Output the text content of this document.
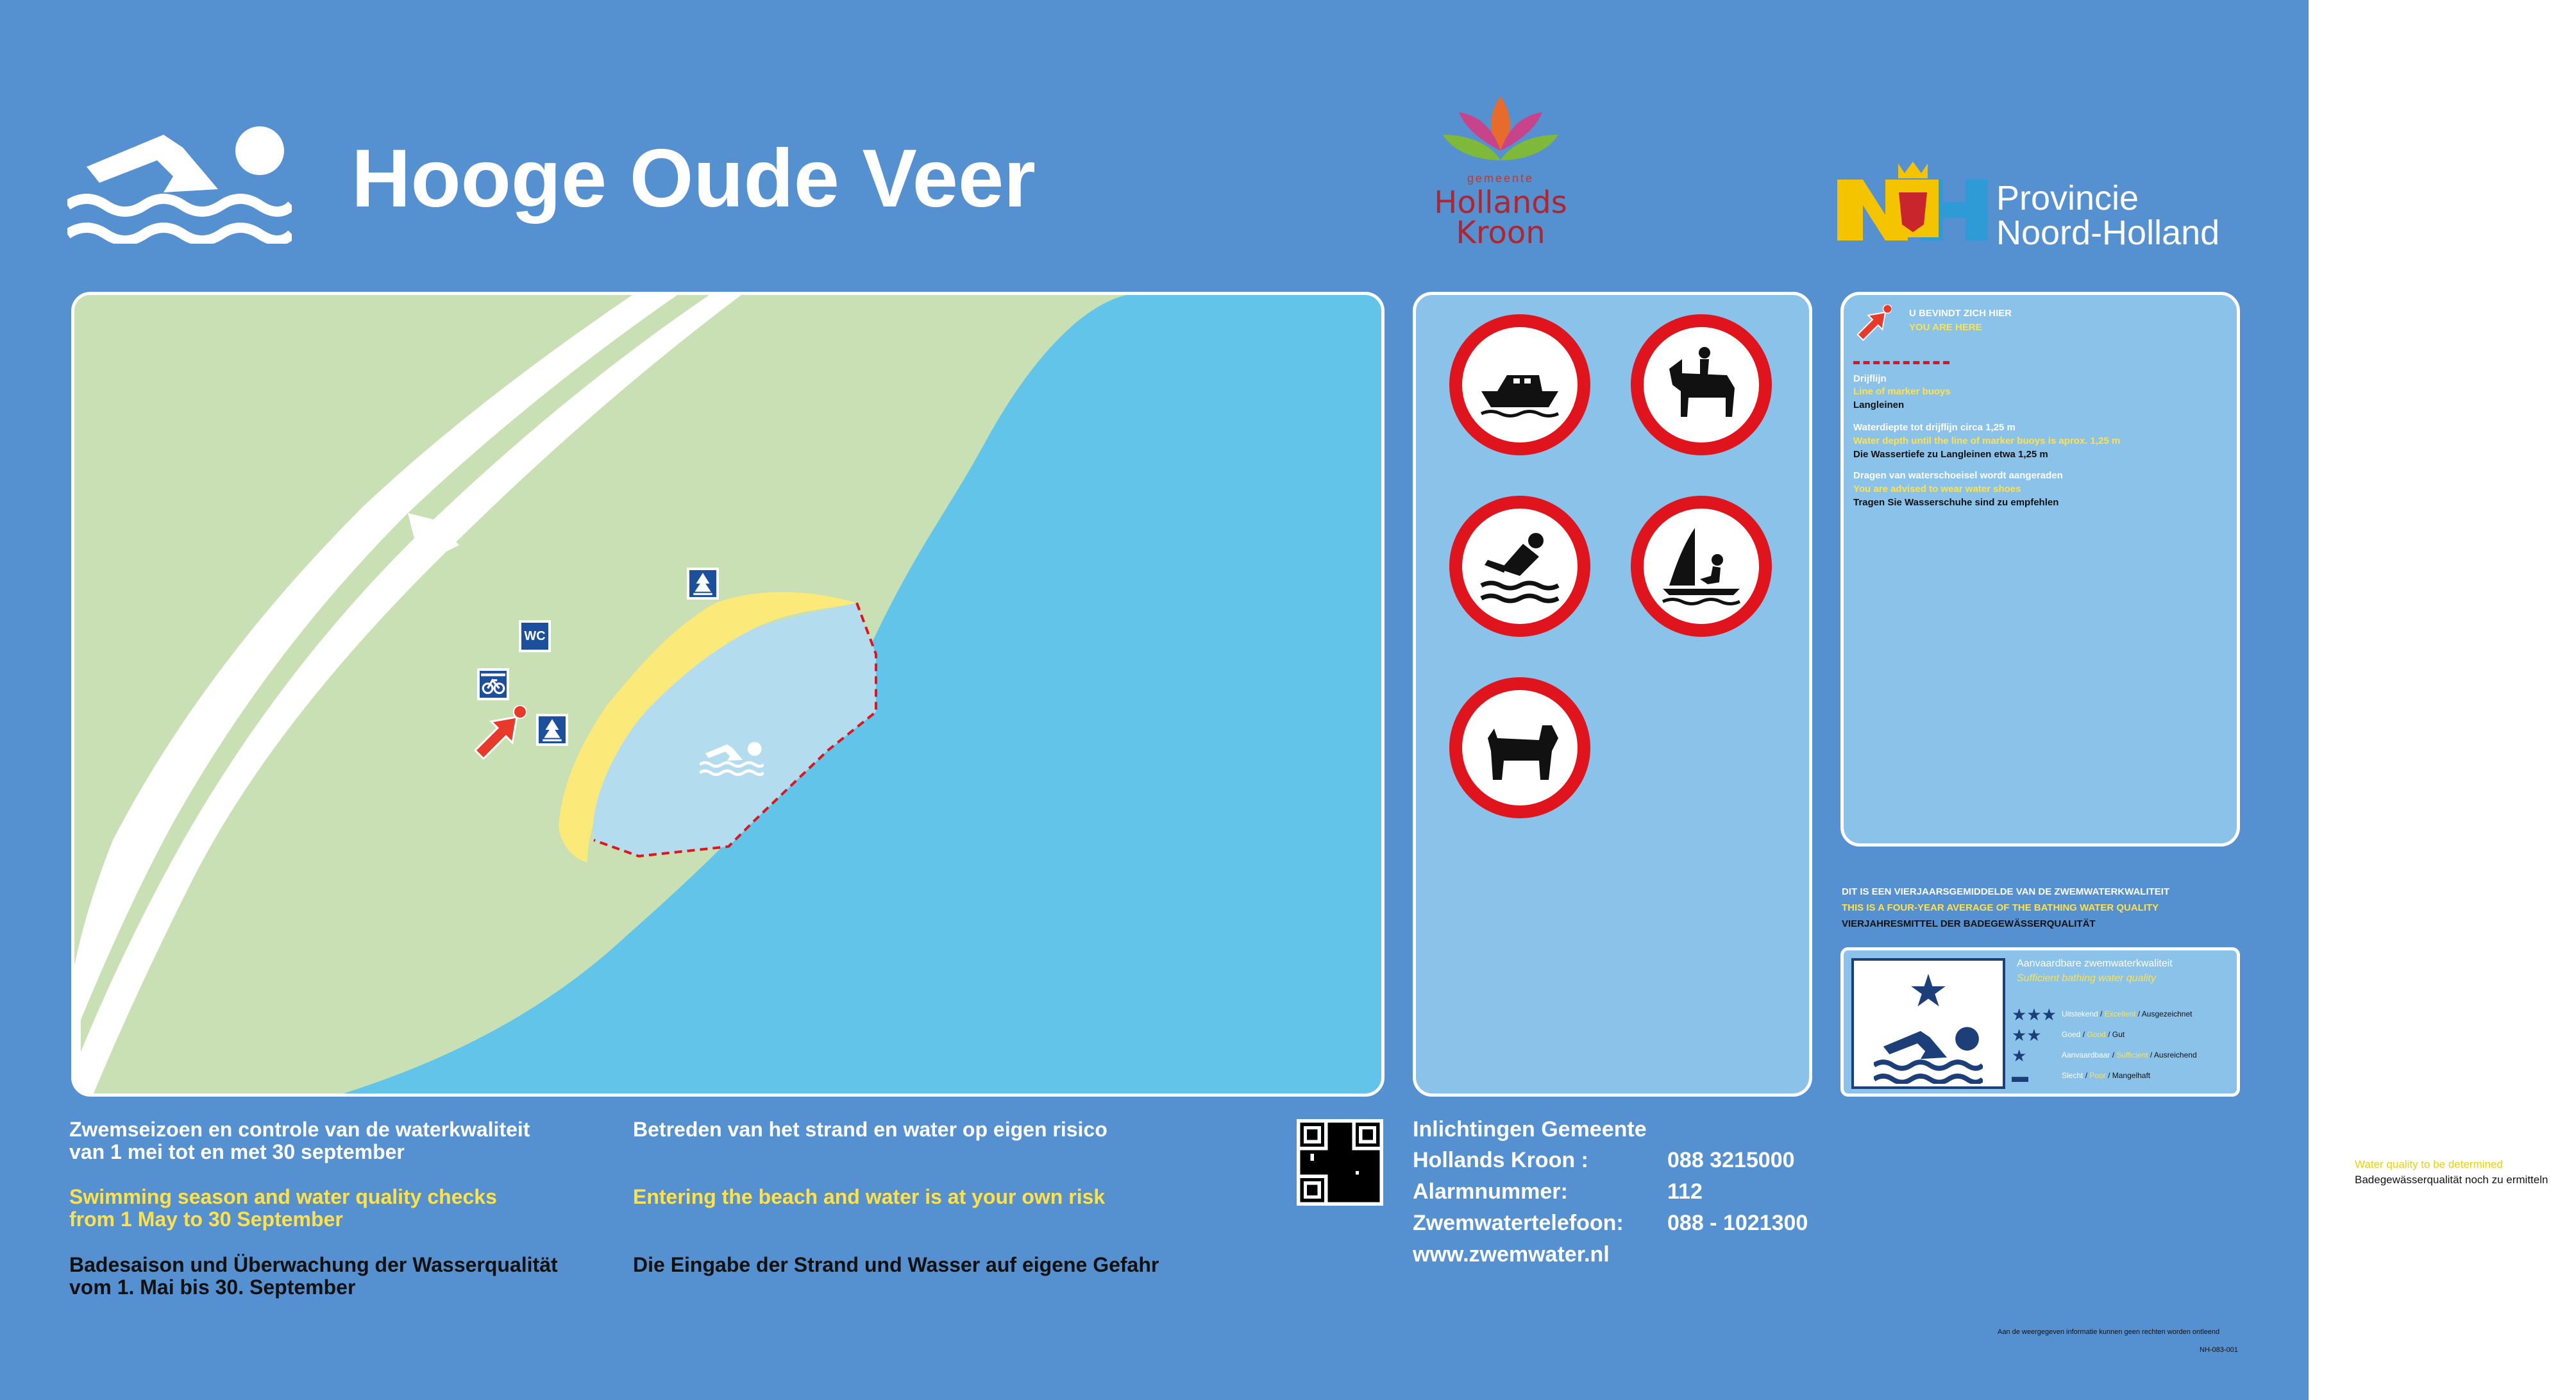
Hooge Oude Veer	gemeente
Hollands
Kroon
Provincie
Noord-Holland
WC
U BEVINDT ZICH HIER
YOU ARE HERE
Drijflijn
Line of marker buoys
Langleinen
Waterdiepte tot drijflijn circa 1,25 m
Water depth until the line of marker buoys is aprox. 1,25 m
Die Wassertiefe zu Langleinen etwa 1,25 m
Dragen van waterschoeisel wordt aangeraden
You are advised to wear water shoes
Tragen Sie Wasserschuhe sind zu empfehlen
DIT IS EEN VIERJAARSGEMIDDELDE VAN DE ZWEMWATERKWALITEIT
THIS IS A FOUR-YEAR AVERAGE OF THE BATHING WATER QUALITY
VIERJAHRESMITTEL DER BADEGEWÄSSERQUALITÄT
★
Aanvaardbare zwemwaterkwaliteit
Sufficient bathing water quality
★★★ Uitstekend / Excellent / Ausgezeichnet
★★	Goed / Good / Gut
★	Aanvaardbaar / Sufficient / Ausreichend
▬	Slecht / Poor / Mangelhaft
Zwemseizoen en controle van de waterkwaliteit
van 1 mei tot en met 30 september
Swimming season and water quality checks
from 1 May to 30 September
Badesaison und Überwachung der Wasserqualität
vom 1. Mai bis 30. September
Betreden van het strand en water op eigen risico
Entering the beach and water is at your own risk
Die Eingabe der Strand und Wasser auf eigene Gefahr
Inlichtingen Gemeente
Hollands Kroon :	088 3215000
Alarmnummer:	112
Zwemwatertelefoon: 088 - 1021300
www.zwemwater.nl
Aan de weergegeven informatie kunnen geen rechten worden ontleend
NH-083-001
Water quality to be determined
Badegewässerqualität noch zu ermitteln
